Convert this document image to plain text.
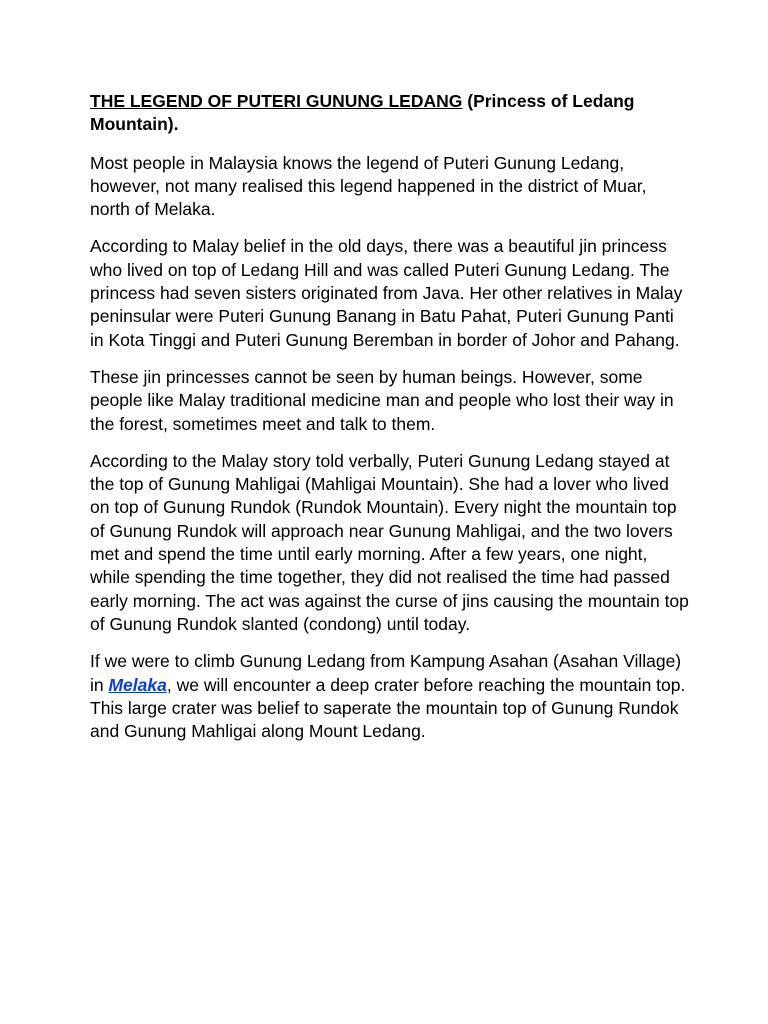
THE LEGEND OF PUTERI GUNUNG LEDANG (Princess of Ledang Mountain).

Most people in Malaysia knows the legend of Puteri Gunung Ledang, however, not many realised this legend happened in the district of Muar, north of Melaka.

According to Malay belief in the old days, there was a beautiful jin princess who lived on top of Ledang Hill and was called Puteri Gunung Ledang. The princess had seven sisters originated from Java. Her other relatives in Malay peninsular were Puteri Gunung Banang in Batu Pahat, Puteri Gunung Panti in Kota Tinggi and Puteri Gunung Beremban in border of Johor and Pahang.

These jin princesses cannot be seen by human beings. However, some people like Malay traditional medicine man and people who lost their way in the forest, sometimes meet and talk to them.

According to the Malay story told verbally, Puteri Gunung Ledang stayed at the top of Gunung Mahligai (Mahligai Mountain). She had a lover who lived on top of Gunung Rundok (Rundok Mountain). Every night the mountain top of Gunung Rundok will approach near Gunung Mahligai, and the two lovers met and spend the time until early morning. After a few years, one night, while spending the time together, they did not realised the time had passed early morning. The act was against the curse of jins causing the mountain top of Gunung Rundok slanted (condong) until today.

If we were to climb Gunung Ledang from Kampung Asahan (Asahan Village) in Melaka, we will encounter a deep crater before reaching the mountain top. This large crater was belief to saperate the mountain top of Gunung Rundok and Gunung Mahligai along Mount Ledang.
